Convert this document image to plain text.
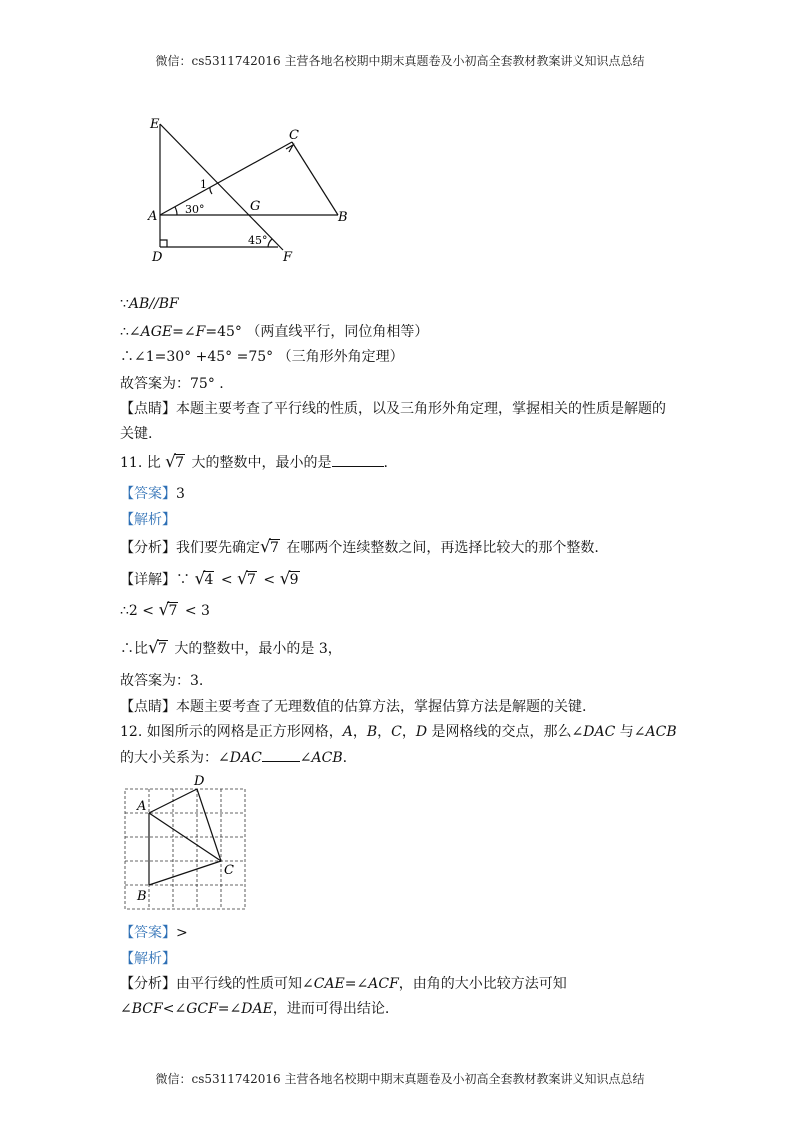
微信：cs5311742016 主营各地名校期中期末真题卷及小初高全套教材教案讲义知识点总结
E
C
1
A	30°	G
B
45°
D	F
∵AB//BF
∴∠AGE=∠F=45° （两直线平行，同位角相等）
∴∠1=30° +45° =75° （三角形外角定理）
故答案为：75° .
【点睛】本题主要考查了平行线的性质，以及三角形外角定理，掌握相关的性质是解题的
关键.
11. 比 √ 7 大的整数中，最小的是	.
【答案】3
【解析】
【分析】我们要先确定 √ 7 在哪两个连续整数之间，再选择比较大的那个整数.
【详解】∵ √ 4 < √ 7 < √ 9
∴2 < √ 7 < 3
∴比 √ 7 大的整数中，最小的是 3，
故答案为：3.
【点睛】本题主要考查了无理数值的估算方法，掌握估算方法是解题的关键.
12. 如图所示的网格是正方形网格，A，B，C，D 是网格线的交点，那么∠DAC 与∠ACB
的大小关系为：∠DAC	∠ACB.
D
A
C
B
【答案】>
【解析】
【分析】由平行线的性质可知∠CAE=∠ACF，由角的大小比较方法可知
∠BCF<∠GCF=∠DAE，进而可得出结论.
微信：cs5311742016 主营各地名校期中期末真题卷及小初高全套教材教案讲义知识点总结
